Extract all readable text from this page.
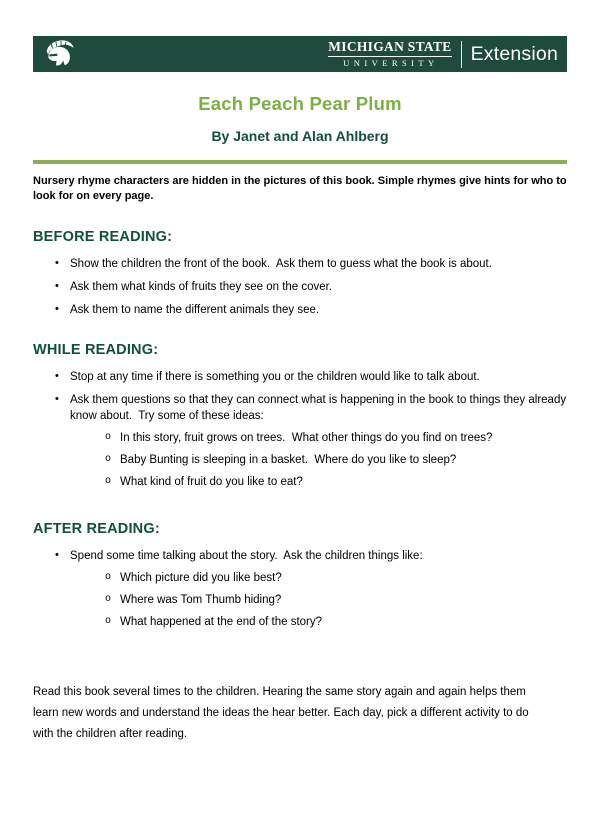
MICHIGAN STATE
UNIVERSITY	Extension
Each Peach Pear Plum
By Janet and Alan Ahlberg

Nursery rhyme characters are hidden in the pictures of this book. Simple rhymes give hints for who to look for on every page.

BEFORE READING:
• Show the children the front of the book.  Ask them to guess what the book is about.
• Ask them what kinds of fruits they see on the cover.
• Ask them to name the different animals they see.
WHILE READING:
• Stop at any time if there is something you or the children would like to talk about.
• Ask them questions so that they can connect what is happening in the book to things they already know about.  Try some of these ideas:
o In this story, fruit grows on trees.  What other things do you find on trees?
o Baby Bunting is sleeping in a basket.  Where do you like to sleep?
o What kind of fruit do you like to eat?
AFTER READING:
• Spend some time talking about the story.  Ask the children things like:
o Which picture did you like best?
o Where was Tom Thumb hiding?
o What happened at the end of the story?

Read this book several times to the children. Hearing the same story again and again helps them learn new words and understand the ideas the hear better. Each day, pick a different activity to do with the children after reading.
